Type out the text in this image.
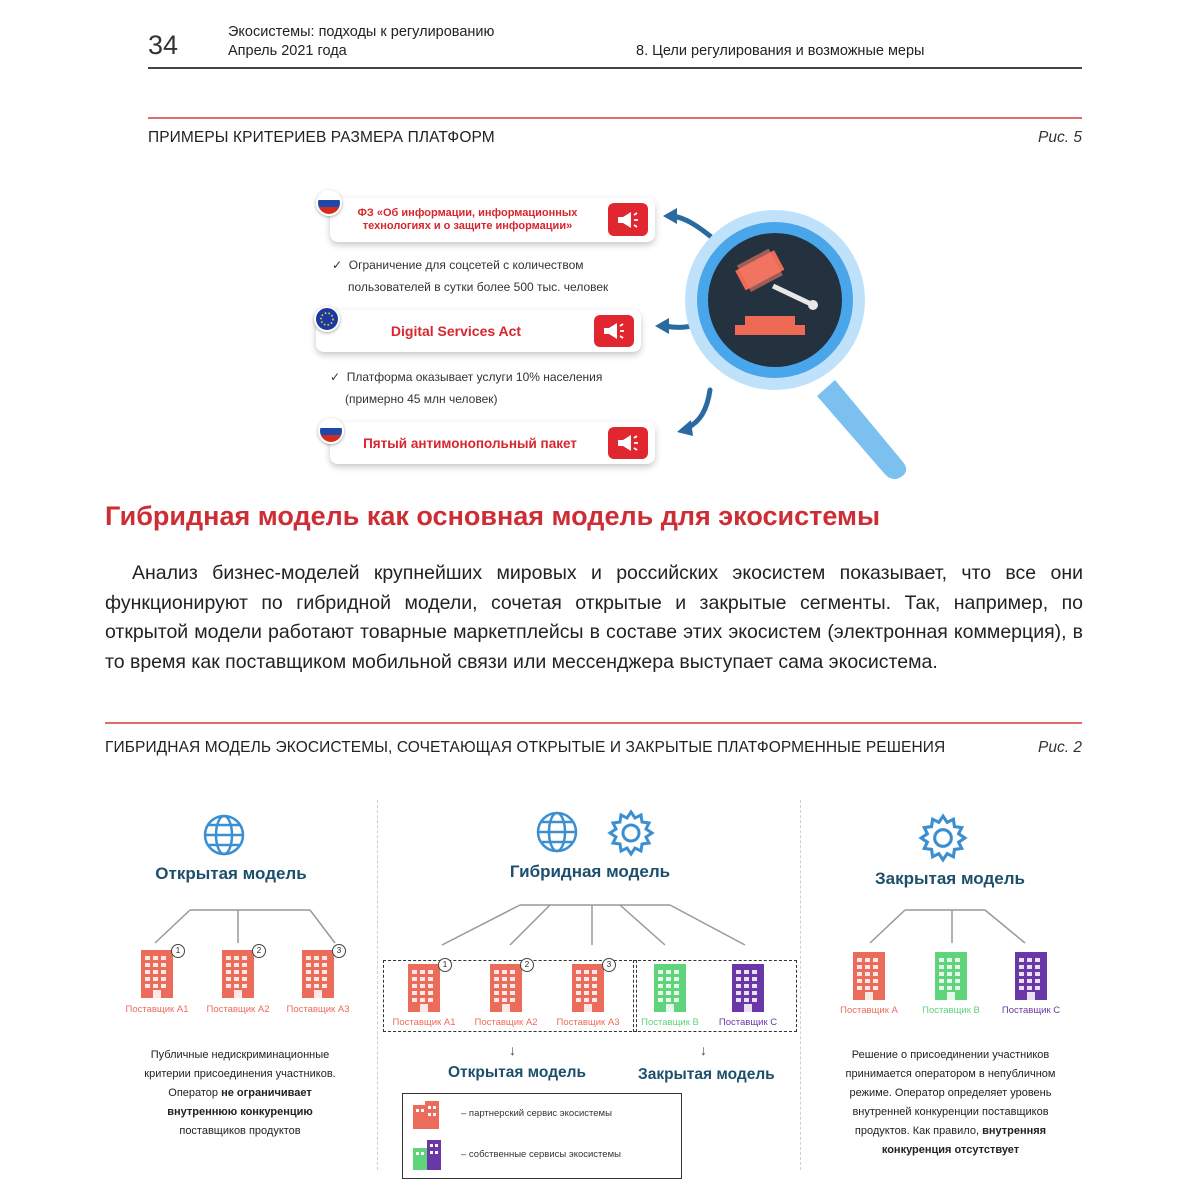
34	Экосистемы: подходы к регулированию
Апрель 2021 года	8. Цели регулирования и возможные меры
ПРИМЕРЫ КРИТЕРИЕВ РАЗМЕРА ПЛАТФОРМ	Рис. 5
ФЗ «Об информации, информационных
технологиях и о защите информации»
✓ Ограничение для соцсетей с количеством
пользователей в сутки более 500 тыс. человек
Digital Services Act
✓ Платформа оказывает услуги 10% населения
(примерно 45 млн человек)
Пятый антимонопольный пакет
Гибридная модель как основная модель для экосистемы
Анализ бизнес-моделей крупнейших мировых и российских экосистем показывает, что все они функционируют по гибридной модели, сочетая открытые и закрытые сегменты. Так, например, по открытой модели работают товарные маркетплейсы в составе этих экосистем (электронная коммерция), в то время как поставщиком мобильной связи или мессенджера выступает сама экосистема.
ГИБРИДНАЯ МОДЕЛЬ ЭКОСИСТЕМЫ, СОЧЕТАЮЩАЯ ОТКРЫТЫЕ И ЗАКРЫТЫЕ ПЛАТФОРМЕННЫЕ РЕШЕНИЯ	Рис. 2
Открытая модель
1
Поставщик А1
2
Поставщик А2
3
Поставщик А3
Публичные недискриминационные
критерии присоединения участников.
Оператор не ограничивает
внутреннюю конкуренцию
поставщиков продуктов
Гибридная модель
1
Поставщик А1
2
Поставщик А2
3
Поставщик А3	Поставщик В	Поставщик С
↓	↓
Открытая модель	Закрытая модель
– партнерский сервис экосистемы
– собственные сервисы экосистемы
Закрытая модель
Поставщик А	Поставщик В	Поставщик С
Решение о присоединении участников
принимается оператором в непубличном
режиме. Оператор определяет уровень
внутренней конкуренции поставщиков
продуктов. Как правило, внутренняя
конкуренция отсутствует
